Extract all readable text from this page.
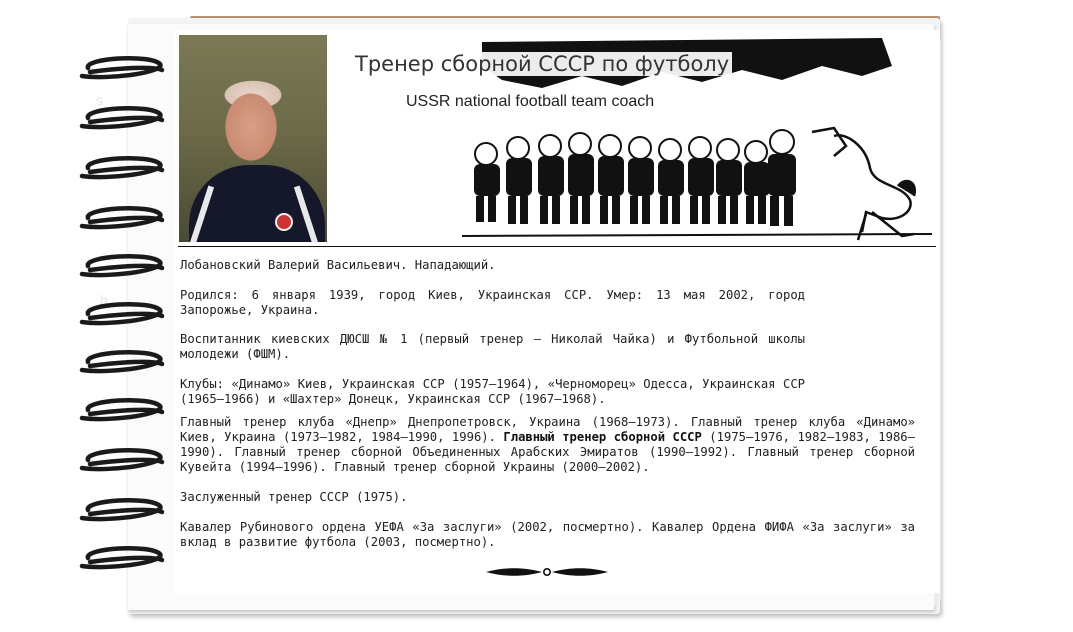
s
b
Тренер сборной СССР по футболу
USSR national football team coach

Лобановский Валерий Васильевич. Нападающий.

Родился: 6 января 1939, город Киев, Украинская ССР. Умер: 13 мая 2002, город Запорожье, Украина.

Воспитанник киевских ДЮСШ № 1 (первый тренер – Николай Чайка) и Футбольной школы молодежи (ФШМ).

Клубы: «Динамо» Киев, Украинская ССР (1957–1964), «Черноморец» Одесса, Украинская ССР (1965–1966) и «Шахтер» Донецк, Украинская ССР (1967–1968).

Главный тренер клуба «Днепр» Днепропетровск, Украина (1968–1973). Главный тренер клуба «Динамо» Киев, Украина (1973–1982, 1984–1990, 1996). Главный тренер сборной СССР (1975–1976, 1982–1983, 1986–1990). Главный тренер сборной Объединенных Арабских Эмиратов (1990–1992). Главный тренер сборной Кувейта (1994–1996). Главный тренер сборной Украины (2000–2002).

Заслуженный тренер СССР (1975).

Кавалер Рубинового ордена УЕФА «За заслуги» (2002, посмертно). Кавалер Ордена ФИФА «За заслуги» за вклад в развитие футбола (2003, посмертно).
